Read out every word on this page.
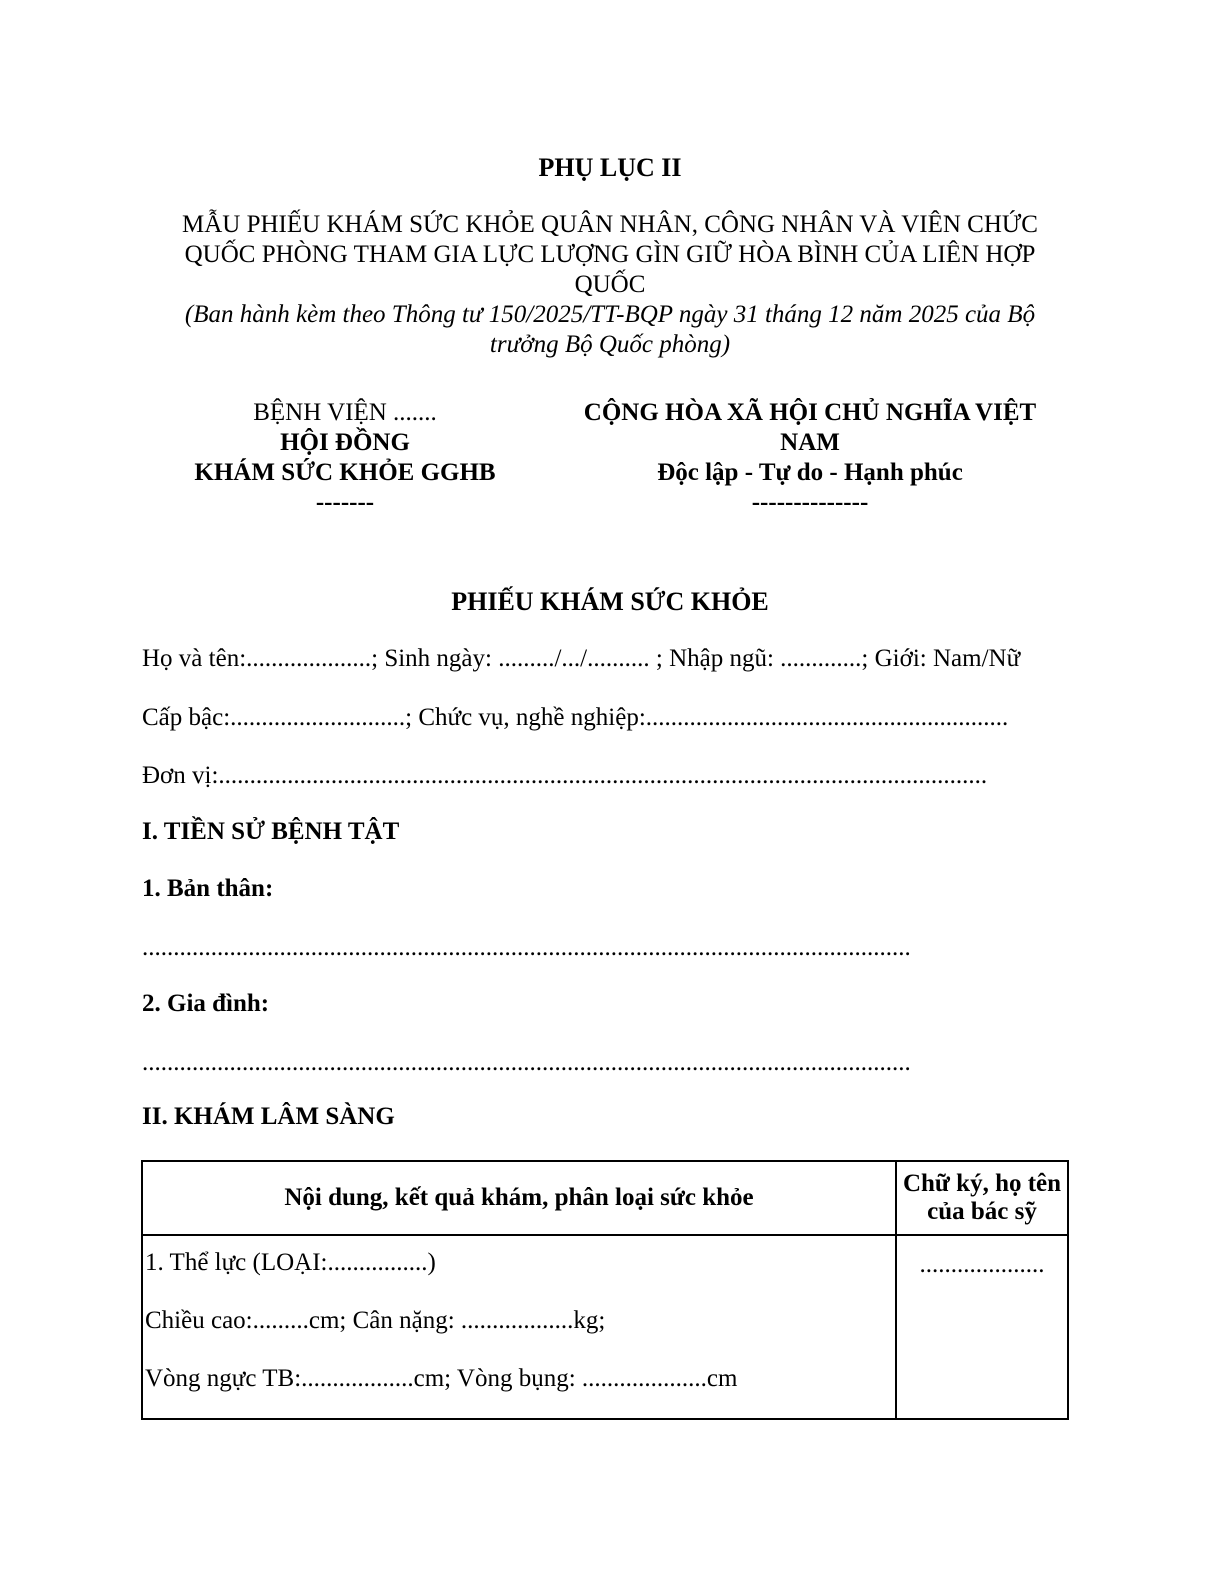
PHỤ LỤC II
MẪU PHIẾU KHÁM SỨC KHỎE QUÂN NHÂN, CÔNG NHÂN VÀ VIÊN CHỨC
QUỐC PHÒNG THAM GIA LỰC LƯỢNG GÌN GIỮ HÒA BÌNH CỦA LIÊN HỢP
QUỐC
(Ban hành kèm theo Thông tư 150/2025/TT-BQP ngày 31 tháng 12 năm 2025 của Bộ
trưởng Bộ Quốc phòng)
BỆNH VIỆN .......
HỘI ĐỒNG
KHÁM SỨC KHỎE GGHB
-------
CỘNG HÒA XÃ HỘI CHỦ NGHĨA VIỆT
NAM
Độc lập - Tự do - Hạnh phúc
--------------
PHIẾU KHÁM SỨC KHỎE
Họ và tên:....................; Sinh ngày: ........./.../.......... ; Nhập ngũ: .............; Giới: Nam/Nữ
Cấp bậc:............................; Chức vụ, nghề nghiệp:..........................................................
Đơn vị:...........................................................................................................................
I. TIỀN SỬ BỆNH TẬT
1. Bản thân:
...........................................................................................................................
2. Gia đình:
...........................................................................................................................
II. KHÁM LÂM SÀNG
Nội dung, kết quả khám, phân loại sức khỏe	Chữ ký, họ tên
của bác sỹ

1. Thể lực (LOẠI:................)
Chiều cao:.........cm; Cân nặng: ..................kg;
Vòng ngực TB:..................cm; Vòng bụng: ....................cm	....................
